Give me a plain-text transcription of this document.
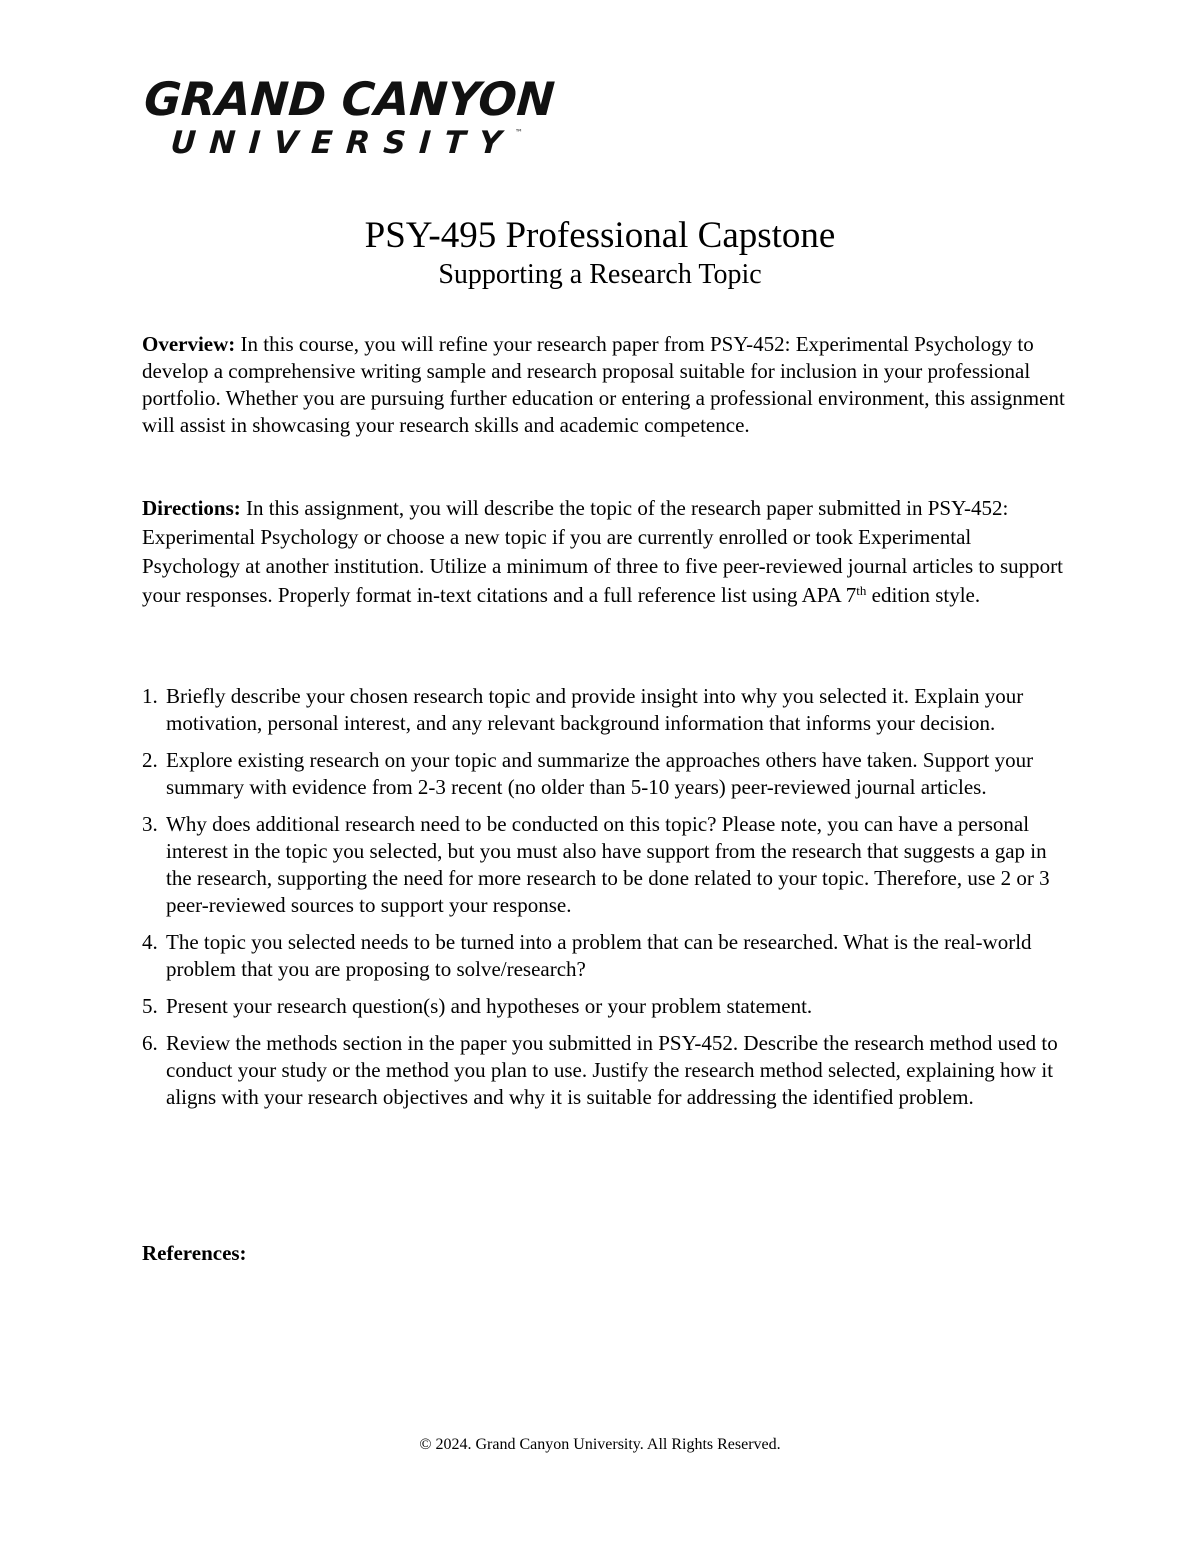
GRAND CANYON
UNIVERSITY
™
PSY-495 Professional Capstone
Supporting a Research Topic

Overview: In this course, you will refine your research paper from PSY-452: Experimental Psychology to develop a comprehensive writing sample and research proposal suitable for inclusion in your professional portfolio. Whether you are pursuing further education or entering a professional environment, this assignment will assist in showcasing your research skills and academic competence.

Directions: In this assignment, you will describe the topic of the research paper submitted in PSY-452: Experimental Psychology or choose a new topic if you are currently enrolled or took Experimental Psychology at another institution. Utilize a minimum of three to five peer-reviewed journal articles to support your responses. Properly format in-text citations and a full reference list using APA 7th edition style.

1. Briefly describe your chosen research topic and provide insight into why you selected it. Explain your motivation, personal interest, and any relevant background information that informs your decision.
2. Explore existing research on your topic and summarize the approaches others have taken. Support your summary with evidence from 2-3 recent (no older than 5-10 years) peer-reviewed journal articles.
3. Why does additional research need to be conducted on this topic? Please note, you can have a personal interest in the topic you selected, but you must also have support from the research that suggests a gap in the research, supporting the need for more research to be done related to your topic. Therefore, use 2 or 3 peer-reviewed sources to support your response.
4. The topic you selected needs to be turned into a problem that can be researched. What is the real-world problem that you are proposing to solve/research?
5. Present your research question(s) and hypotheses or your problem statement.
6. Review the methods section in the paper you submitted in PSY-452. Describe the research method used to conduct your study or the method you plan to use. Justify the research method selected, explaining how it aligns with your research objectives and why it is suitable for addressing the identified problem.

References:

© 2024. Grand Canyon University. All Rights Reserved.
